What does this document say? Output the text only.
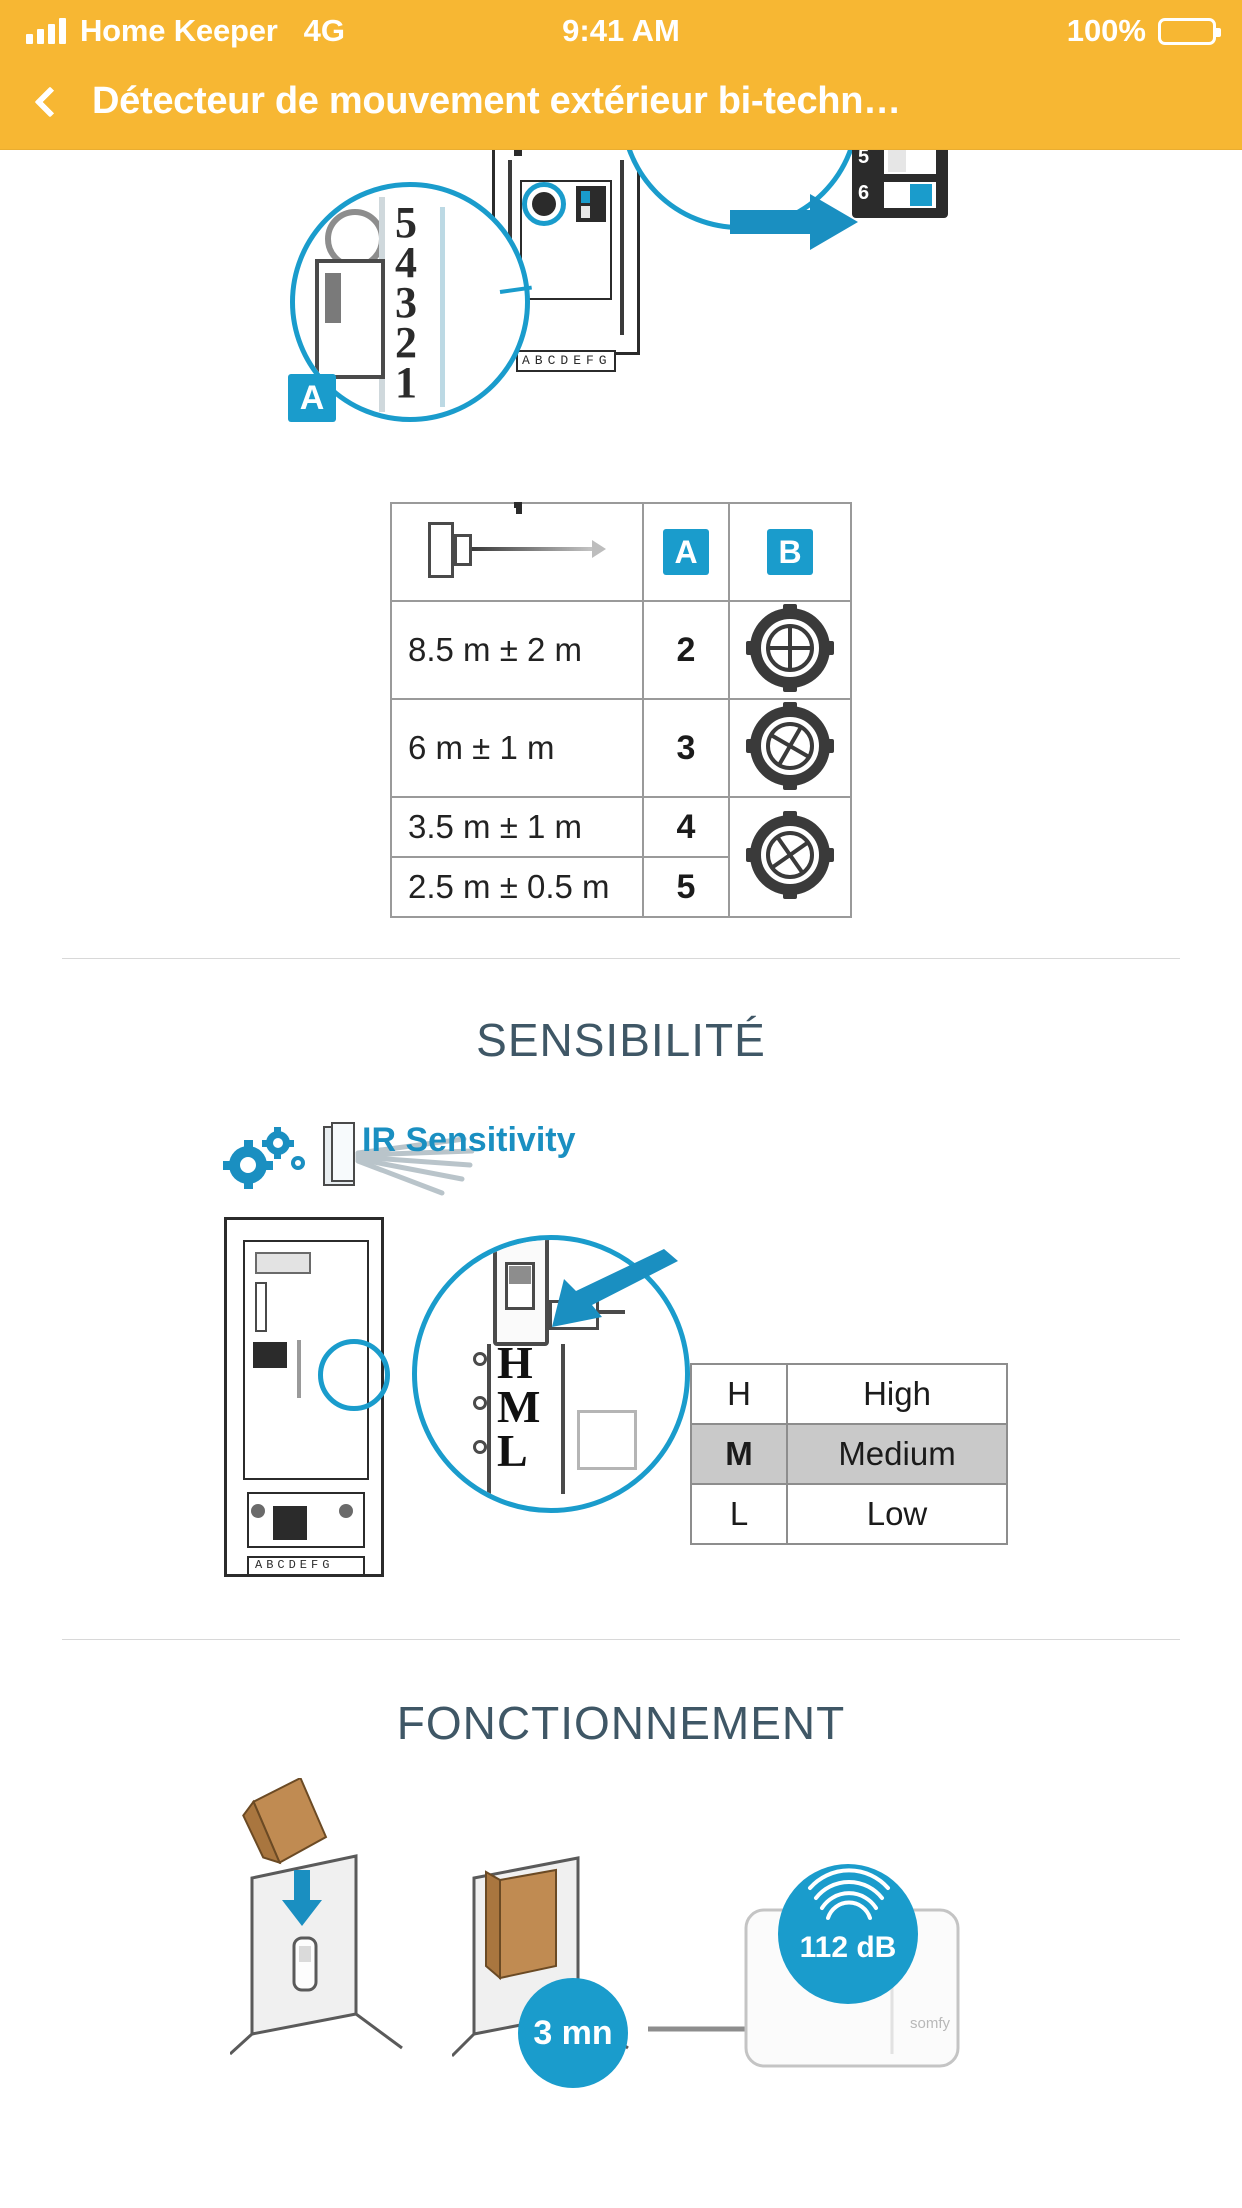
Home Keeper 4G	9:41 AM	100%
Détecteur de mouvement extérieur bi-techn…
ABCDEFG
5
4
3
2
1
A
5
6
	A	B
8.5 m ± 2 m	2	

6 m ± 1 m	3	

3.5 m ± 1 m	4	

2.5 m ± 0.5 m	5	
SENSIBILITÉ
IR Sensitivity
ABCDEFG
H
M
L
H	High
M	Medium
L	Low
FONCTIONNEMENT
3 mn	somfy
112 dB
